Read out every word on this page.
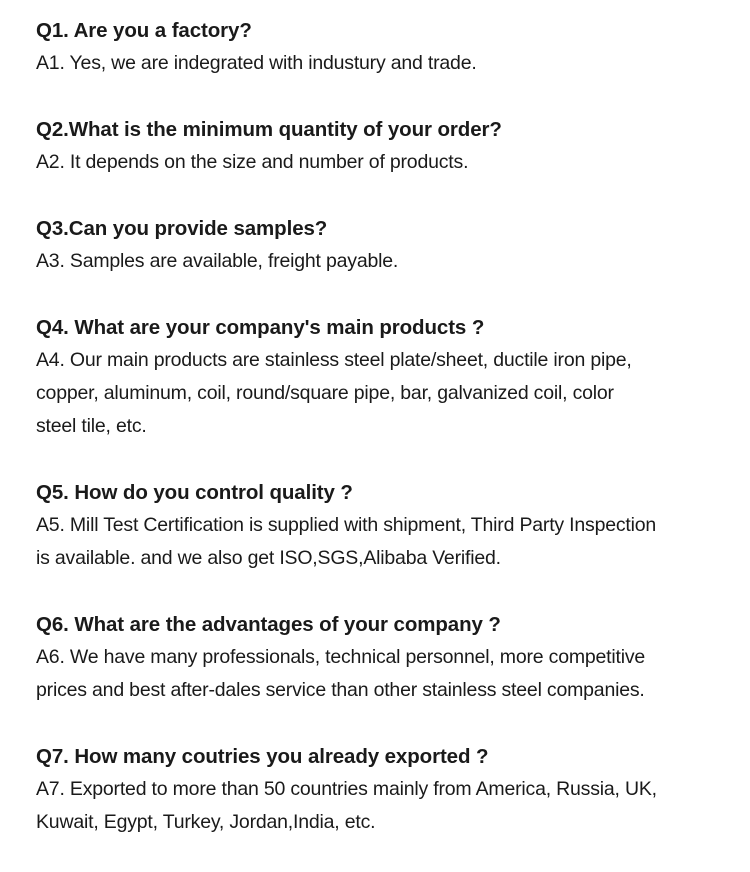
Q1. Are you a factory?

A1. Yes, we are indegrated with industury and trade.

Q2.What is the minimum quantity of your order?

A2. It depends on the size and number of products.

Q3.Can you provide samples?

A3. Samples are available, freight payable.

Q4. What are your company's main products ?

A4. Our main products are stainless steel plate/sheet, ductile iron pipe,

copper, aluminum, coil, round/square pipe, bar, galvanized coil, color

steel tile, etc.

Q5. How do you control quality ?

A5. Mill Test Certification is supplied with shipment, Third Party Inspection

is available. and we also get ISO,SGS,Alibaba Verified.

Q6. What are the advantages of your company ?

A6. We have many professionals, technical personnel, more competitive

prices and best after-dales service than other stainless steel companies.

Q7. How many coutries you already exported ?

A7. Exported to more than 50 countries mainly from America, Russia, UK,

Kuwait, Egypt, Turkey, Jordan,India, etc.
